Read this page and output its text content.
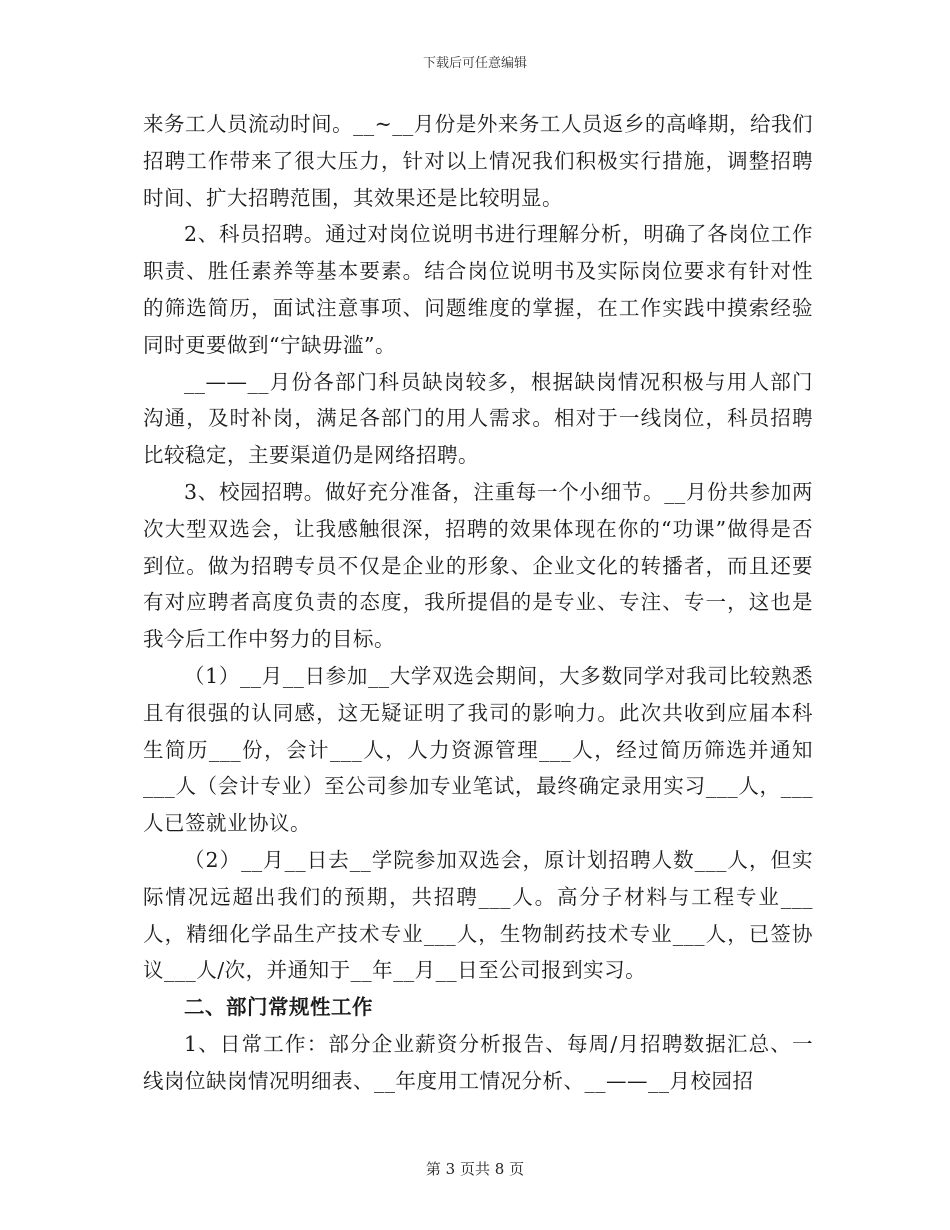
下载后可任意编辑

来务工人员流动时间。__~__月份是外来务工人员返乡的高峰期，给我们招聘工作带来了很大压力，针对以上情况我们积极实行措施，调整招聘时间、扩大招聘范围，其效果还是比较明显。

2、科员招聘。通过对岗位说明书进行理解分析，明确了各岗位工作职责、胜任素养等基本要素。结合岗位说明书及实际岗位要求有针对性的筛选简历，面试注意事项、问题维度的掌握，在工作实践中摸索经验同时更要做到“宁缺毋滥”。

__——__月份各部门科员缺岗较多，根据缺岗情况积极与用人部门沟通，及时补岗，满足各部门的用人需求。相对于一线岗位，科员招聘比较稳定，主要渠道仍是网络招聘。

3、校园招聘。做好充分准备，注重每一个小细节。__月份共参加两次大型双选会，让我感触很深，招聘的效果体现在你的“功课”做得是否到位。做为招聘专员不仅是企业的形象、企业文化的转播者，而且还要有对应聘者高度负责的态度，我所提倡的是专业、专注、专一，这也是我今后工作中努力的目标。

（1）__月__日参加__大学双选会期间，大多数同学对我司比较熟悉且有很强的认同感，这无疑证明了我司的影响力。此次共收到应届本科生简历___份，会计___人，人力资源管理___人，经过简历筛选并通知___人（会计专业）至公司参加专业笔试，最终确定录用实习___人，___人已签就业协议。

（2）__月__日去__学院参加双选会，原计划招聘人数___人，但实际情况远超出我们的预期，共招聘___人。高分子材料与工程专业___人，精细化学品生产技术专业___人，生物制药技术专业___人，已签协议___人/次，并通知于__年__月__日至公司报到实习。

二、部门常规性工作

1、日常工作：部分企业薪资分析报告、每周/月招聘数据汇总、一线岗位缺岗情况明细表、__年度用工情况分析、__——__月校园招

第 3 页共 8 页
